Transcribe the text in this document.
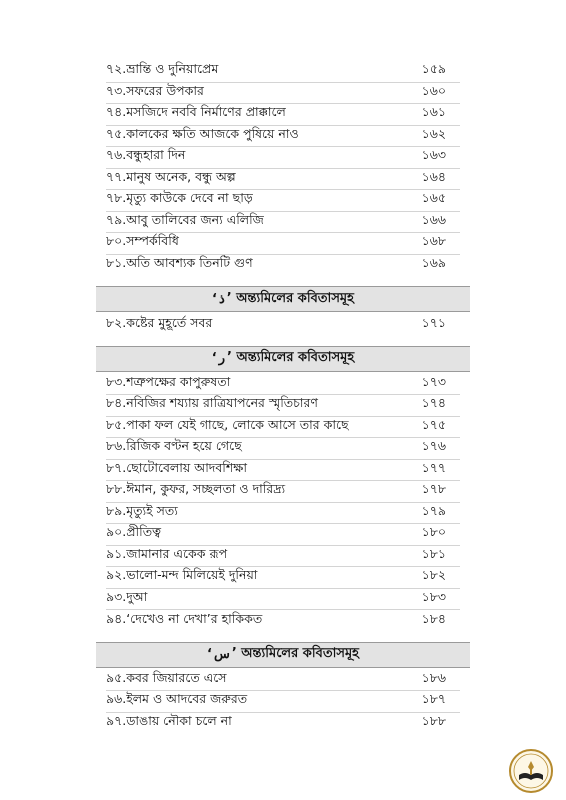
৭২.ভ্রান্তি ও দুনিয়াপ্রেম	১৫৯
৭৩.সফরের উপকার	১৬০
৭৪.মসজিদে নববি নির্মাণের প্রাক্কালে	১৬১
৭৫.কালকের ক্ষতি আজকে পুষিয়ে নাও	১৬২
৭৬.বন্ধুহারা দিন	১৬৩
৭৭.মানুষ অনেক, বন্ধু অল্প	১৬৪
৭৮.মৃত্যু কাউকে দেবে না ছাড়	১৬৫
৭৯.আবু তালিবের জন্য এলিজি	১৬৬
৮০.সম্পর্কবিধি	১৬৮
৮১.অতি আবশ্যক তিনটি গুণ	১৬৯
‘ ذ ’ অন্ত্যমিলের কবিতাসমূহ
৮২.কষ্টের মুহূর্তে সবর	১৭১
‘ ر ’ অন্ত্যমিলের কবিতাসমূহ
৮৩.শত্রুপক্ষের কাপুরুষতা	১৭৩
৮৪.নবিজির শয্যায় রাত্রিযাপনের স্মৃতিচারণ	১৭৪
৮৫.পাকা ফল যেই গাছে, লোকে আসে তার কাছে	১৭৫
৮৬.রিজিক বণ্টন হয়ে গেছে	১৭৬
৮৭.ছোটোবেলায় আদবশিক্ষা	১৭৭
৮৮.ঈমান, কুফর, সচ্ছলতা ও দারিদ্র্য	১৭৮
৮৯.মৃত্যুই সত্য	১৭৯
৯০.প্রীতিত্ব	১৮০
৯১.জামানার একেক রূপ	১৮১
৯২.ভালো-মন্দ মিলিয়েই দুনিয়া	১৮২
৯৩.দুআ	১৮৩
৯৪.‘দেখেও না দেখা’র হাকিকত	১৮৪
‘ س ’ অন্ত্যমিলের কবিতাসমূহ
৯৫.কবর জিয়ারতে এসে	১৮৬
৯৬.ইলম ও আদবের জরুরত	১৮৭
৯৭.ডাঙায় নৌকা চলে না	১৮৮
